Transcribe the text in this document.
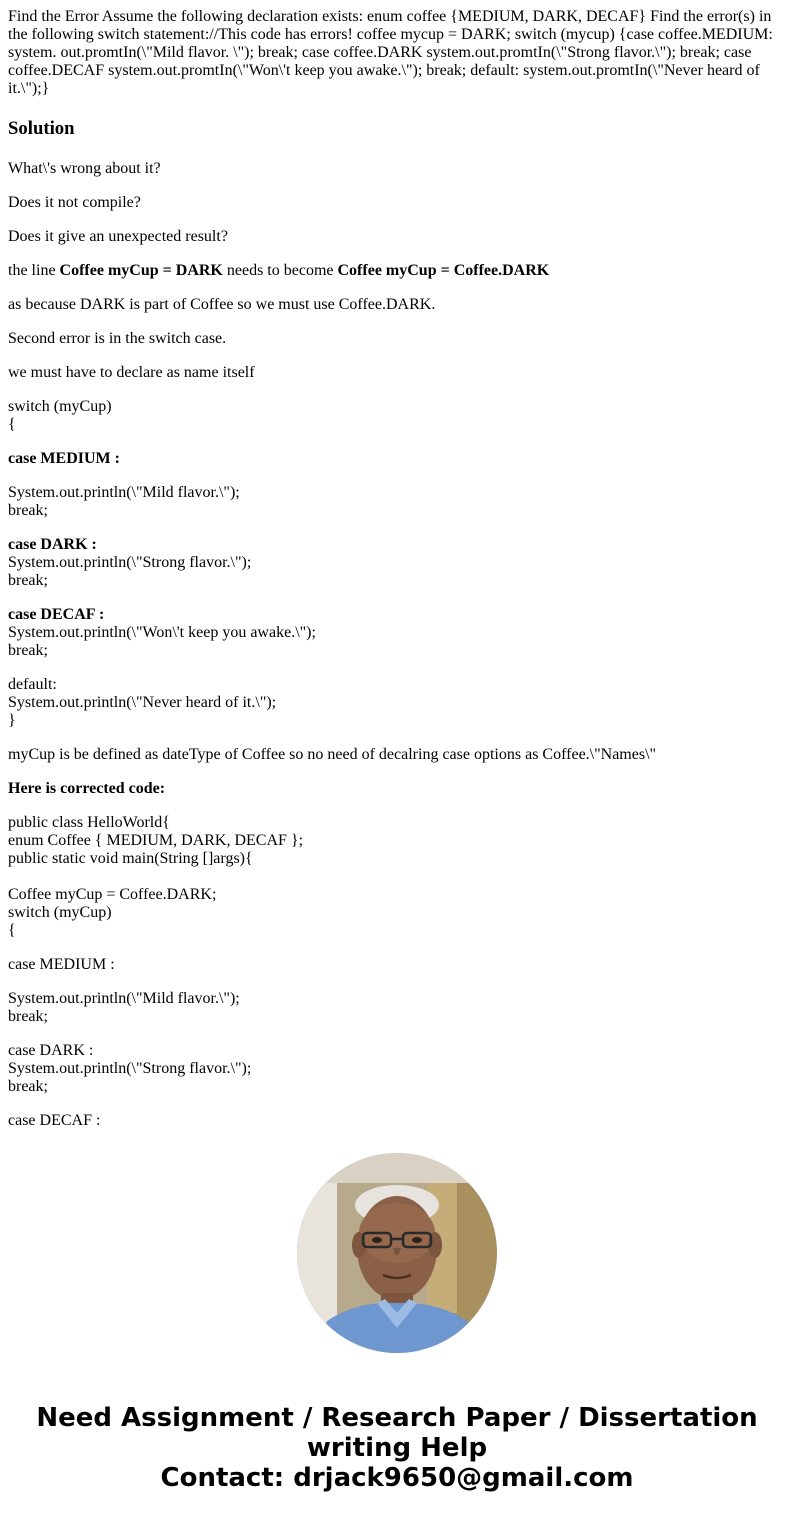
Find the Error Assume the following declaration exists: enum coffee {MEDIUM, DARK, DECAF} Find the error(s) in the following switch statement://This code has errors! coffee mycup = DARK; switch (mycup) {case coffee.MEDIUM: system. out.promtIn(\"Mild flavor. \"); break; case coffee.DARK system.out.promtIn(\"Strong flavor.\"); break; case coffee.DECAF system.out.promtIn(\"Won\'t keep you awake.\"); break; default: system.out.promtIn(\"Never heard of it.\");}
Solution

What\'s wrong about it?

Does it not compile?

Does it give an unexpected result?

the line Coffee myCup = DARK needs to become Coffee myCup = Coffee.DARK

as because DARK is part of Coffee so we must use Coffee.DARK.

Second error is in the switch case.

we must have to declare as name itself

switch (myCup)
{

case MEDIUM :

System.out.println(\"Mild flavor.\");
break;

case DARK :
System.out.println(\"Strong flavor.\");
break;

case DECAF :
System.out.println(\"Won\'t keep you awake.\");
break;

default:
System.out.println(\"Never heard of it.\");
}

myCup is be defined as dateType of Coffee so no need of decalring case options as Coffee.\"Names\"

Here is corrected code:

public class HelloWorld{
enum Coffee { MEDIUM, DARK, DECAF };
public static void main(String []args){

Coffee myCup = Coffee.DARK;
switch (myCup)
{

case MEDIUM :

System.out.println(\"Mild flavor.\");
break;

case DARK :
System.out.println(\"Strong flavor.\");
break;

case DECAF :

Need Assignment / Research Paper / Dissertation
writing Help
Contact: drjack9650@gmail.com
